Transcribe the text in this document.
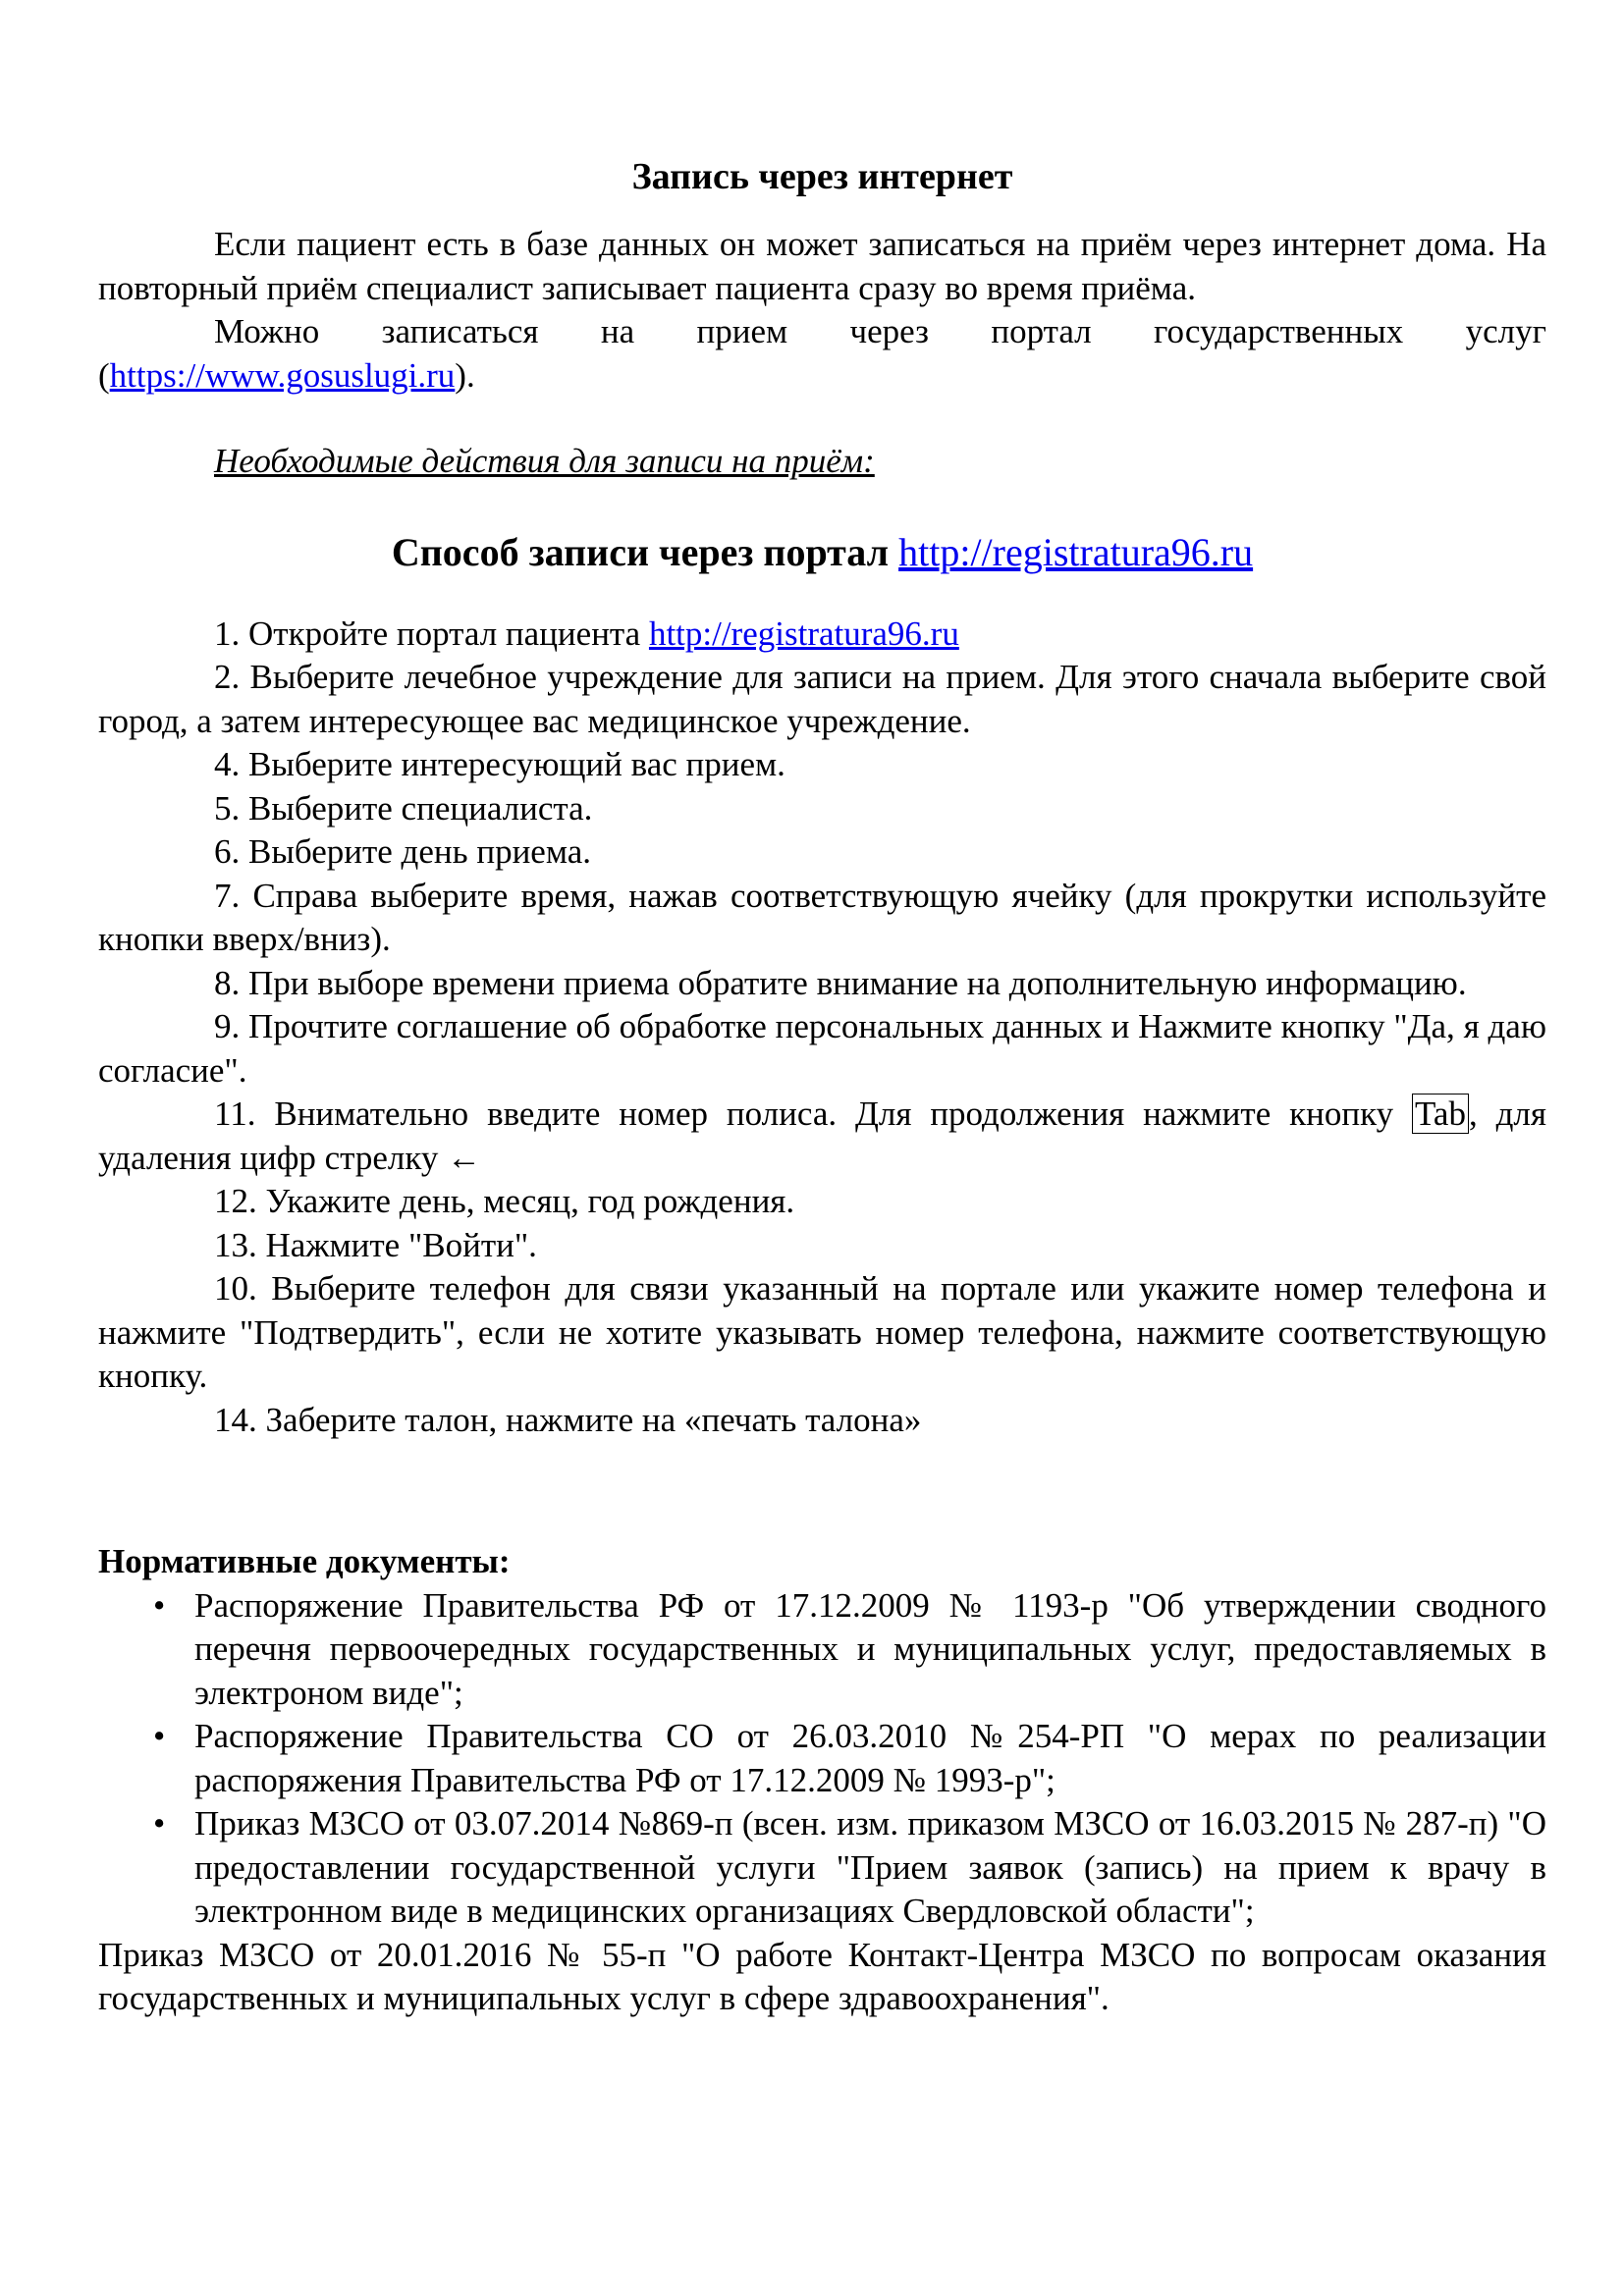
Запись через интернет

Если пациент есть в базе данных он может записаться на приём через интернет дома. На повторный приём специалист записывает пациента сразу во время приёма.

Можно записаться на прием через портал государственных услуг (https://www.gosuslugi.ru).

Необходимые действия для записи на приём:

Способ записи через портал http://registratura96.ru

1. Откройте портал пациента http://registratura96.ru

2. Выберите лечебное учреждение для записи на прием. Для этого сначала выберите свой город, а затем интересующее вас медицинское учреждение.

4. Выберите интересующий вас прием.

5. Выберите специалиста.

6. Выберите день приема.

7. Справа выберите время, нажав соответствующую ячейку (для прокрутки используйте кнопки вверх/вниз).

8. При выборе времени приема обратите внимание на дополнительную информацию.

9. Прочтите соглашение об обработке персональных данных и Нажмите кнопку "Да, я даю согласие".

11. Внимательно введите номер полиса. Для продолжения нажмите кнопку Tab, для удаления цифр стрелку ←

12. Укажите день, месяц, год рождения.

13. Нажмите "Войти".

10. Выберите телефон для связи указанный на портале или укажите номер телефона и нажмите "Подтвердить", если не хотите указывать номер телефона, нажмите соответствующую кнопку.

14. Заберите талон, нажмите на «печать талона»

Нормативные документы:

• Распоряжение Правительства РФ от 17.12.2009 № 1193-р "Об утверждении сводного перечня первоочередных государственных и муниципальных услуг, предоставляемых в электроном виде";
• Распоряжение Правительства СО от 26.03.2010 №254-РП "О мерах по реализации распоряжения Правительства РФ от 17.12.2009 № 1993-р";
• Приказ МЗСО от 03.07.2014 №869-п (всен. изм. приказом МЗСО от 16.03.2015 № 287-п) "О предоставлении государственной услуги "Прием заявок (запись) на прием к врачу в электронном виде в медицинских организациях Свердловской области";

Приказ МЗСО от 20.01.2016 № 55-п "О работе Контакт-Центра МЗСО по вопросам оказания государственных и муниципальных услуг в сфере здравоохранения".
